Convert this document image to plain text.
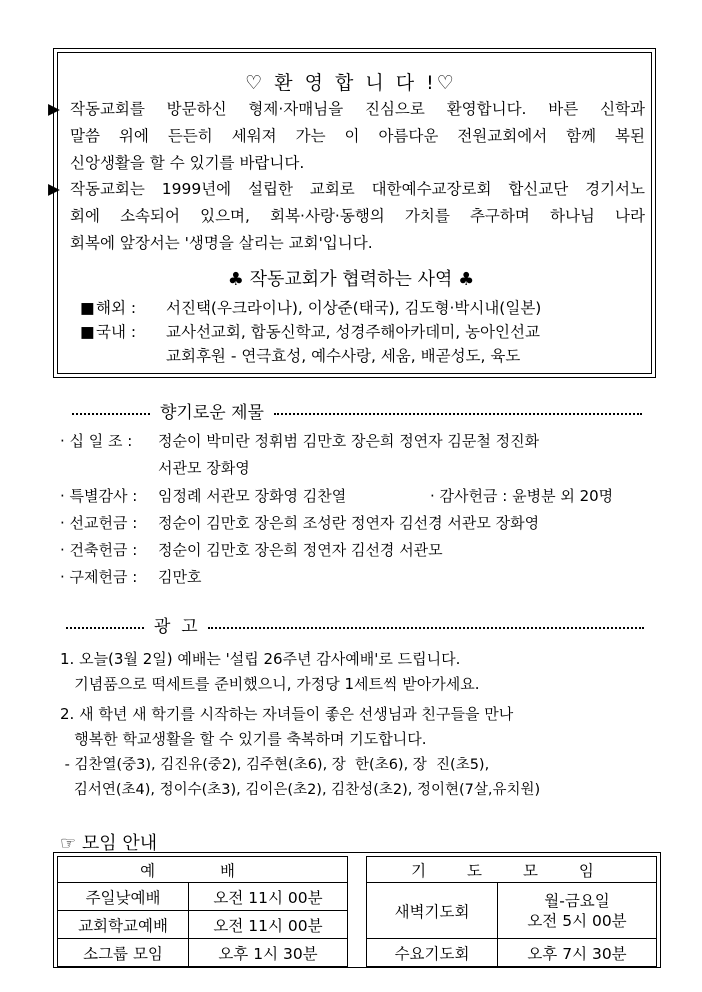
♡ 환 영 합 니 다 !♡
▶ 작동교회를 방문하신 형제·자매님을 진심으로 환영합니다. 바른 신학과

말씀 위에 든든히 세워져 가는 이 아름다운 전원교회에서 함께 복된

신앙생활을 할 수 있기를 바랍니다.

▶ 작동교회는 1999년에 설립한 교회로 대한예수교장로회 합신교단 경기서노

회에 소속되어 있으며, 회복·사랑·동행의 가치를 추구하며 하나님 나라

회복에 앞장서는 '생명을 살리는 교회'입니다.

♣ 작동교회가 협력하는 사역 ♣
■ 해외 :	서진택(우크라이나), 이상준(태국), 김도형·박시내(일본)
■ 국내 :	교사선교회, 합동신학교, 성경주해아카데미, 농아인선교
교회후원 - 연극효성, 예수사랑, 세움, 배곧성도, 육도
향기로운 제물
· 십 일 조 : 정순이 박미란 정휘범 김만호 장은희 정연자 김문철 정진화
서관모 장화영
· 특별감사 : 임정례 서관모 장화영 김찬열	· 감사헌금 : 윤병분 외 20명
· 선교헌금 : 정순이 김만호 장은희 조성란 정연자 김선경 서관모 장화영
· 건축헌금 : 정순이 김만호 장은희 정연자 김선경 서관모
· 구제헌금 : 김만호
광  고
1. 오늘(3월 2일) 예배는 '설립 26주년 감사예배'로 드립니다.
기념품으로 떡세트를 준비했으니, 가정당 1세트씩 받아가세요.
2. 새 학년 새 학기를 시작하는 자녀들이 좋은 선생님과 친구들을 만나
행복한 학교생활을 할 수 있기를 축복하며 기도합니다.
- 김찬열(중3), 김진유(중2), 김주현(초6), 장  한(초6), 장  진(초5),
김서연(초4), 정이수(초3), 김이은(초2), 김찬성(초2), 정이현(7살,유치원)
☞ 모임 안내
예 배	
주일낮예배	오전 11시 00분
교회학교예배	오전 11시 00분
소그룹 모임	오후 1시 30분
기 도 모 임	
새벽기도회	월-금요일
오전 5시 00분

수요기도회	오후 7시 30분
